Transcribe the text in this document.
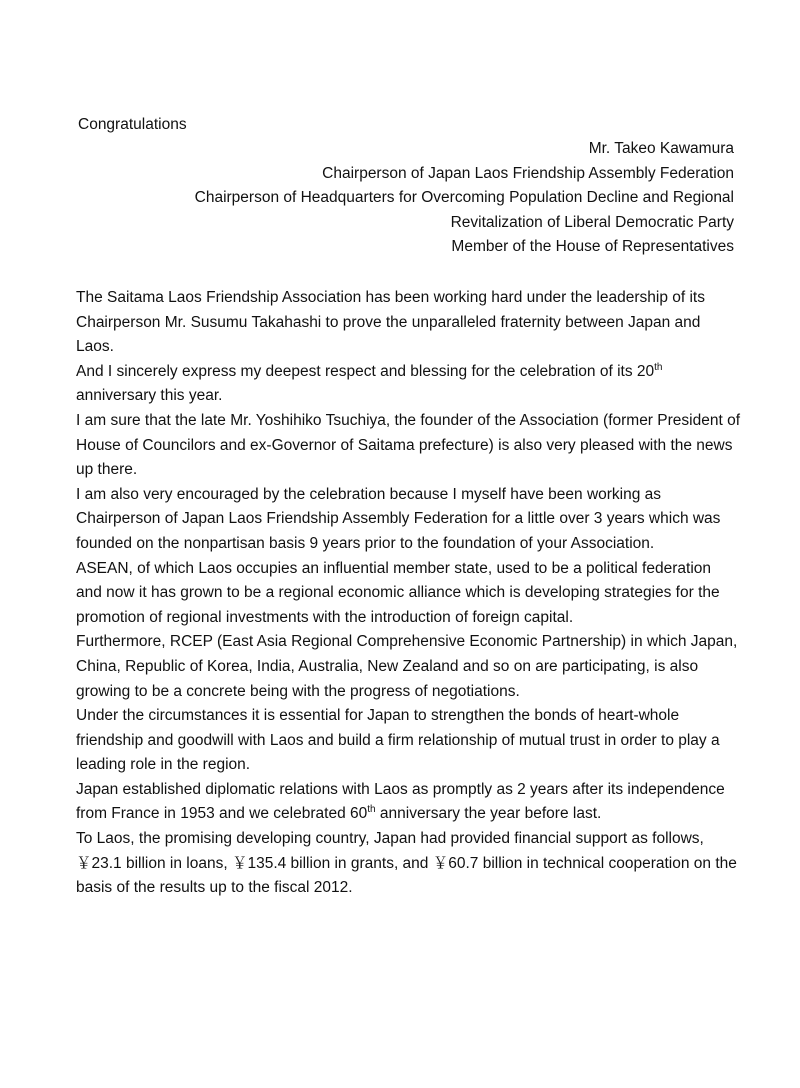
Congratulations
Mr. Takeo Kawamura
Chairperson of Japan Laos Friendship Assembly Federation
Chairperson of Headquarters for Overcoming Population Decline and Regional
Revitalization of Liberal Democratic Party
Member of the House of Representatives

The Saitama Laos Friendship Association has been working hard under the leadership of its Chairperson Mr. Susumu Takahashi to prove the unparalleled fraternity between Japan and Laos.

And I sincerely express my deepest respect and blessing for the celebration of its 20th anniversary this year.

I am sure that the late Mr. Yoshihiko Tsuchiya, the founder of the Association (former President of House of Councilors and ex-Governor of Saitama prefecture) is also very pleased with the news up there.

I am also very encouraged by the celebration because I myself have been working as Chairperson of Japan Laos Friendship Assembly Federation for a little over 3 years which was founded on the nonpartisan basis 9 years prior to the foundation of your Association.

ASEAN, of which Laos occupies an influential member state, used to be a political federation and now it has grown to be a regional economic alliance which is developing strategies for the promotion of regional investments with the introduction of foreign capital.

Furthermore, RCEP (East Asia Regional Comprehensive Economic Partnership) in which Japan, China, Republic of Korea, India, Australia, New Zealand and so on are participating, is also growing to be a concrete being with the progress of negotiations.

Under the circumstances it is essential for Japan to strengthen the bonds of heart-whole friendship and goodwill with Laos and build a firm relationship of mutual trust in order to play a leading role in the region.

Japan established diplomatic relations with Laos as promptly as 2 years after its independence from France in 1953 and we celebrated 60th anniversary the year before last.

To Laos, the promising developing country, Japan had provided financial support as follows, ￥23.1 billion in loans, ￥135.4 billion in grants, and ￥60.7 billion in technical cooperation on the basis of the results up to the fiscal 2012.
